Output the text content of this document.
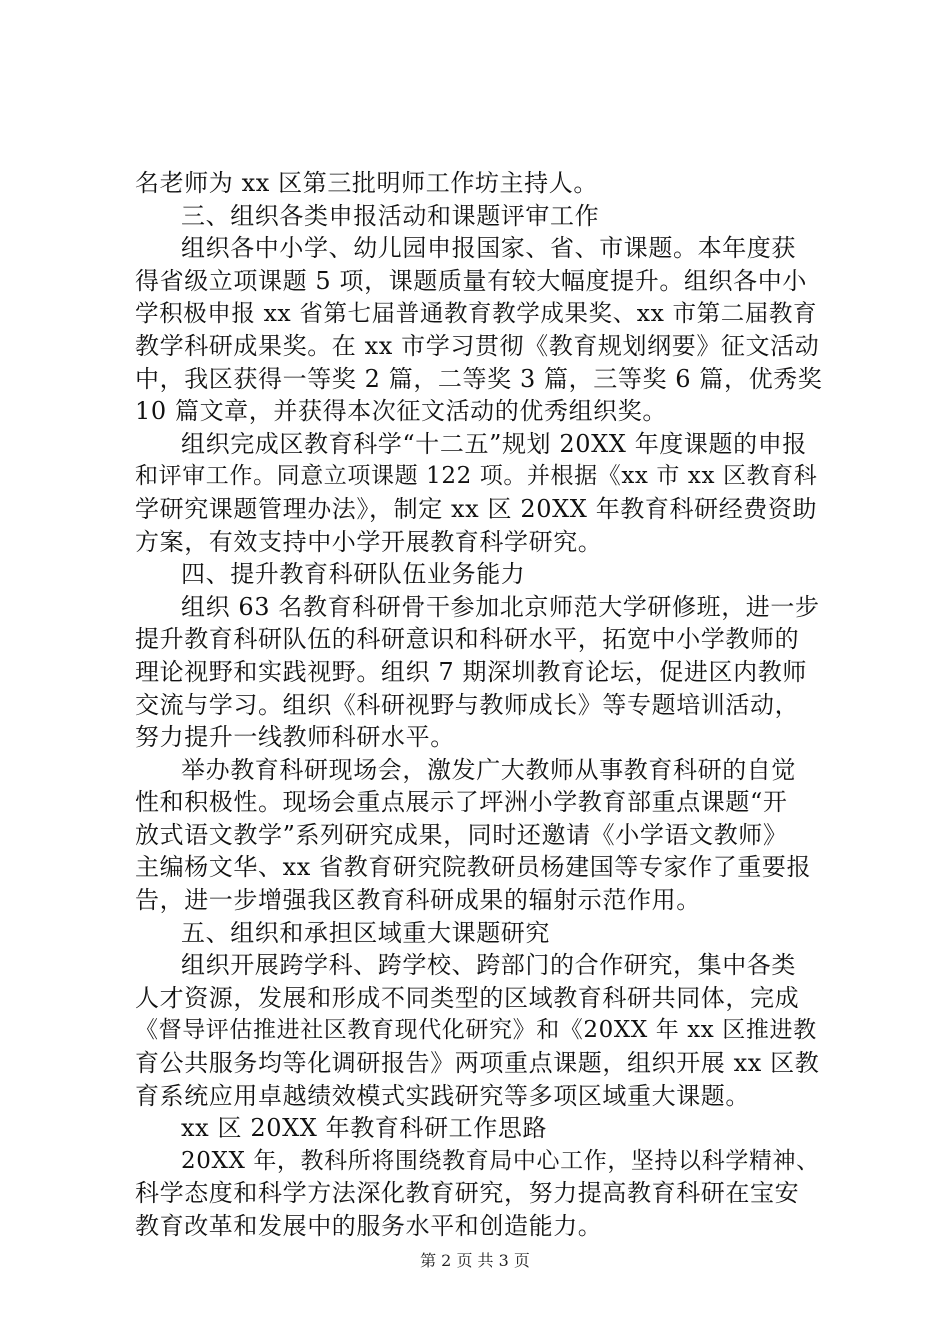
名老师为 xx 区第三批明师工作坊主持人。
三、组织各类申报活动和课题评审工作
组织各中小学、幼儿园申报国家、省、市课题。本年度获
得省级立项课题 5 项，课题质量有较大幅度提升。组织各中小
学积极申报 xx 省第七届普通教育教学成果奖、xx 市第二届教育
教学科研成果奖。在 xx 市学习贯彻《教育规划纲要》征文活动
中，我区获得一等奖 2 篇，二等奖 3 篇，三等奖 6 篇，优秀奖
10 篇文章，并获得本次征文活动的优秀组织奖。
组织完成区教育科学“十二五”规划 20XX 年度课题的申报
和评审工作。同意立项课题 122 项。并根据《xx 市 xx 区教育科
学研究课题管理办法》，制定 xx 区 20XX 年教育科研经费资助
方案，有效支持中小学开展教育科学研究。
四、提升教育科研队伍业务能力
组织 63 名教育科研骨干参加北京师范大学研修班，进一步
提升教育科研队伍的科研意识和科研水平，拓宽中小学教师的
理论视野和实践视野。组织 7 期深圳教育论坛，促进区内教师
交流与学习。组织《科研视野与教师成长》等专题培训活动，
努力提升一线教师科研水平。
举办教育科研现场会，激发广大教师从事教育科研的自觉
性和积极性。现场会重点展示了坪洲小学教育部重点课题“开
放式语文教学”系列研究成果，同时还邀请《小学语文教师》
主编杨文华、xx 省教育研究院教研员杨建国等专家作了重要报
告，进一步增强我区教育科研成果的辐射示范作用。
五、组织和承担区域重大课题研究
组织开展跨学科、跨学校、跨部门的合作研究，集中各类
人才资源，发展和形成不同类型的区域教育科研共同体，完成
《督导评估推进社区教育现代化研究》和《20XX 年 xx 区推进教
育公共服务均等化调研报告》两项重点课题，组织开展 xx 区教
育系统应用卓越绩效模式实践研究等多项区域重大课题。
xx 区 20XX 年教育科研工作思路
20XX 年，教科所将围绕教育局中心工作，坚持以科学精神、
科学态度和科学方法深化教育研究，努力提高教育科研在宝安
教育改革和发展中的服务水平和创造能力。
第 2 页 共 3 页
